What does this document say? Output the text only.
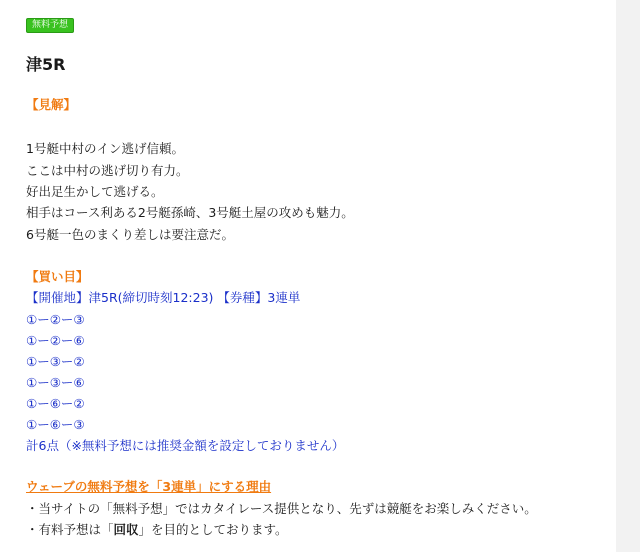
無料予想
津5R
【見解】
1号艇中村のイン逃げ信頼。
ここは中村の逃げ切り有力。
好出足生かして逃げる。
相手はコース利ある2号艇孫崎、3号艇土屋の攻めも魅力。
6号艇一色のまくり差しは要注意だ。
【買い目】
【開催地】津5R(締切時刻12:23) 【券種】3連単
①ー②ー③
①ー②ー⑥
①ー③ー②
①ー③ー⑥
①ー⑥ー②
①ー⑥ー③
計6点（※無料予想には推奨金額を設定しておりません）
ウェーブの無料予想を「3連単」にする理由
・当サイトの「無料予想」ではカタイレース提供となり、先ずは競艇をお楽しみください。
・有料予想は「回収」を目的としております。
